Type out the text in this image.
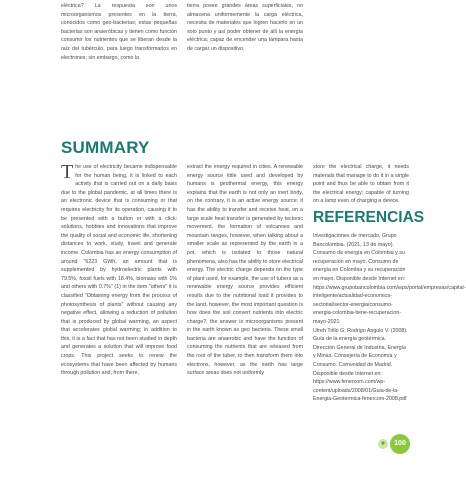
eléctrica? La respuesta son unos microorganismos presentes en la tierra, conocidos como geo-bacterias; estas pequeñas bacterias son anaeróbicas y tienen como función consumir los nutrientes que se liberan desde la raíz del tubérculo, para luego transformarlos en electrones; sin embargo, como la

tierra posee grandes áreas superficiales, no almacena uniformemente la carga eléctrica, necesita de materiales que logren hacerlo en un solo punto y así poder obtener de allí la energía eléctrica; capaz de encender una lámpara hasta de cargar un dispositivo.

SUMMARY
T he use of electricity became indispensable for the human being, it is linked to each activity that is carried out on a daily basis due to the global pandemic, at all times there is an electronic device that is consuming or that requires electricity for its operation, causing it to be presented with a button or with a click: solutions, hobbies and innovations that improve the quality of social and economic life, shortening distances to work, study, travel and generate income. Colombia has an energy consumption of around "6223 GWh, an amount that is supplemented by hydroelectric plants with 79.5%, fossil fuels with 18.4%, biomass with 1% and others with 0.7%" (1) in the item "others" it is classified "Obtaining energy from the process of photosynthesis of plants" without causing any negative effect, allowing a reduction of pollution that is produced by global warming, an aspect that accelerates global warming; in addition to this, it is a fact that has not been studied in depth and generates a solution that will improve food crops. This project seeks to renew the ecosystems that have been affected by humans through pollution and, from there,

extract the energy required in cities. A renewable energy source little used and developed by humans is geothermal energy, this energy explains that the earth is not only an inert body, on the contrary, it is an active energy source; it has the ability to transfer and receive heat, on a large scale heat transfer is generated by tectonic movement, the formation of volcanoes and mountain ranges, however, when talking about a smaller scale as represented by the earth in a pot, which is isolated to those natural phenomena, also has the ability to store electrical energy. The electric charge depends on the type of plant used, for example, the use of tubers as a renewable energy source provides efficient results due to the nutritional load it provides to the land, however, the most important question is how does the soil convert nutrients into electric charge?, the answer is microorganisms present in the earth known as geo bacteria. These small bacteria are anaerobic and have the function of consuming the nutrients that are released from the root of the tuber, to then transform them into electrons, however, as the earth has large surface areas does not uniformly

store the electrical charge, it needs materials that manage to do it in a single point and thus be able to obtain from it the electrical energy; capable of turning on a lamp even of charging a device.

REFERENCIAS

Investigaciones de mercado, Grupo Bancolombia. (2021, 13 de mayo). Consumo de energía en Colombia y su recuperación en mayo. Consumo de energía en Colombia y su recuperación en mayo. Disponible desde Internet en: https://www.grupobancolombia.com/wps/portal/empresas/capital-inteligente/actualidad-economica-sectorial/sector-energia/consumo-energia-colombia-tiene-recuperacion-mayo-2021
Utreh Trillo G; Rodrigo Angulo V. (2008). Guía de la energía geotérmica. Dirección General de Industria, Energía y Minas. Consejería de Economía y Consumo. Comunidad de Madrid. Disponible desde Internet en: https://www.fenercom.com/wp-content/uploads/2008/01/Guia-de-la-Energia-Geotermica-fenercom-2008.pdf

»	100
